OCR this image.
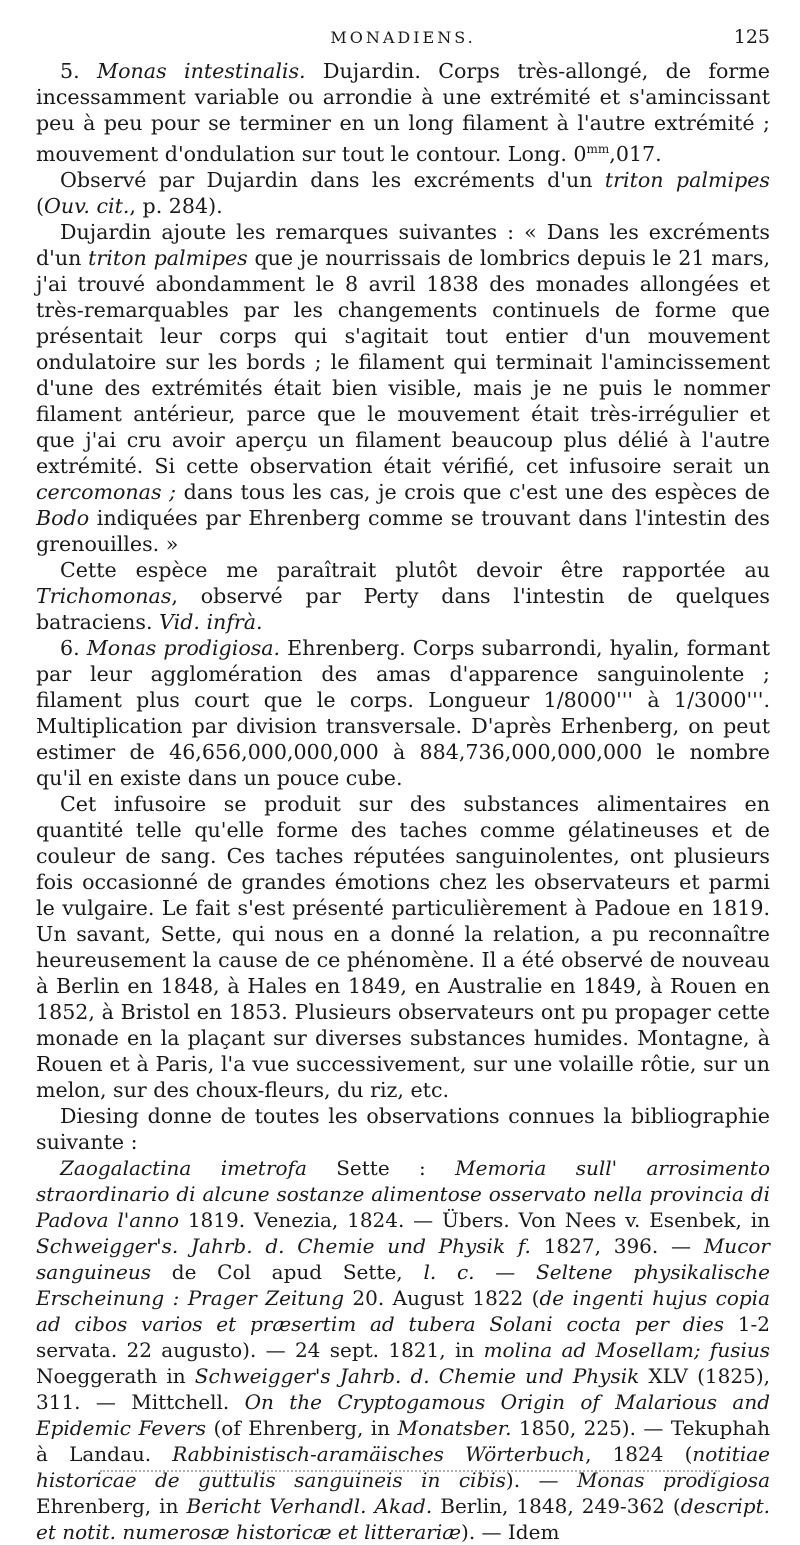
MONADIENS.	125

5. Monas intestinalis. Dujardin. Corps très-allongé, de forme incessamment variable ou arrondie à une extrémité et s'amincissant peu à peu pour se terminer en un long filament à l'autre extrémité ; mouvement d'ondulation sur tout le contour. Long. $0^{mm},017$.

Observé par Dujardin dans les excréments d'un triton palmipes (Ouv. cit., p. 284).

Dujardin ajoute les remarques suivantes : « Dans les excréments d'un triton palmipes que je nourrissais de lombrics depuis le 21 mars, j'ai trouvé abondamment le 8 avril 1838 des monades allongées et très-remarquables par les changements continuels de forme que présentait leur corps qui s'agitait tout entier d'un mouvement ondulatoire sur les bords ; le filament qui terminait l'amincissement d'une des extrémités était bien visible, mais je ne puis le nommer filament antérieur, parce que le mouvement était très-irrégulier et que j'ai cru avoir aperçu un filament beaucoup plus délié à l'autre extrémité. Si cette observation était vérifié, cet infusoire serait un cercomonas ; dans tous les cas, je crois que c'est une des espèces de Bodo indiquées par Ehrenberg comme se trouvant dans l'intestin des grenouilles. »

Cette espèce me paraîtrait plutôt devoir être rapportée au Trichomonas, observé par Perty dans l'intestin de quelques batraciens. Vid. infrà.

6. Monas prodigiosa. Ehrenberg. Corps subarrondi, hyalin, formant par leur agglomération des amas d'apparence sanguinolente ; filament plus court que le corps. Longueur 1/8000''' à 1/3000'''. Multiplication par division transversale. D'après Erhenberg, on peut estimer de 46,656,000,000,000 à 884,736,000,000,000 le nombre qu'il en existe dans un pouce cube.

Cet infusoire se produit sur des substances alimentaires en quantité telle qu'elle forme des taches comme gélatineuses et de couleur de sang. Ces taches réputées sanguinolentes, ont plusieurs fois occasionné de grandes émotions chez les observateurs et parmi le vulgaire. Le fait s'est présenté particulièrement à Padoue en 1819. Un savant, Sette, qui nous en a donné la relation, a pu reconnaître heureusement la cause de ce phénomène. Il a été observé de nouveau à Berlin en 1848, à Hales en 1849, en Australie en 1849, à Rouen en 1852, à Bristol en 1853. Plusieurs observateurs ont pu propager cette monade en la plaçant sur diverses substances humides. Montagne, à Rouen et à Paris, l'a vue successivement, sur une volaille rôtie, sur un melon, sur des choux-fleurs, du riz, etc.

Diesing donne de toutes les observations connues la bibliographie suivante :

Zaogalactina imetrofa Sette : Memoria sull' arrosimento straordinario di alcune sostanze alimentose osservato nella provincia di Padova l'anno 1819. Venezia, 1824. — Übers. Von Nees v. Esenbek, in Schweigger's. Jahrb. d. Chemie und Physik f. 1827, 396. — Mucor sanguineus de Col apud Sette, l. c. — Seltene physikalische Erscheinung : Prager Zeitung 20. August 1822 (de ingenti hujus copia ad cibos varios et præsertim ad tubera Solani cocta per dies 1-2 servata. 22 augusto). — 24 sept. 1821, in molina ad Mosellam; fusius Noeggerath in Schweigger's Jahrb. d. Chemie und Physik XLV (1825), 311. — Mittchell. On the Cryptogamous Origin of Malarious and Epidemic Fevers (of Ehrenberg, in Monatsber. 1850, 225). — Tekuphah à Landau. Rabbinistisch-aramäisches Wörterbuch, 1824 (notitiae historicae de guttulis sanguineis in cibis). — Monas prodigiosa Ehrenberg, in Bericht Verhandl. Akad. Berlin, 1848, 249-362 (descript. et notit. numerosæ historicæ et litterariæ). — Idem
